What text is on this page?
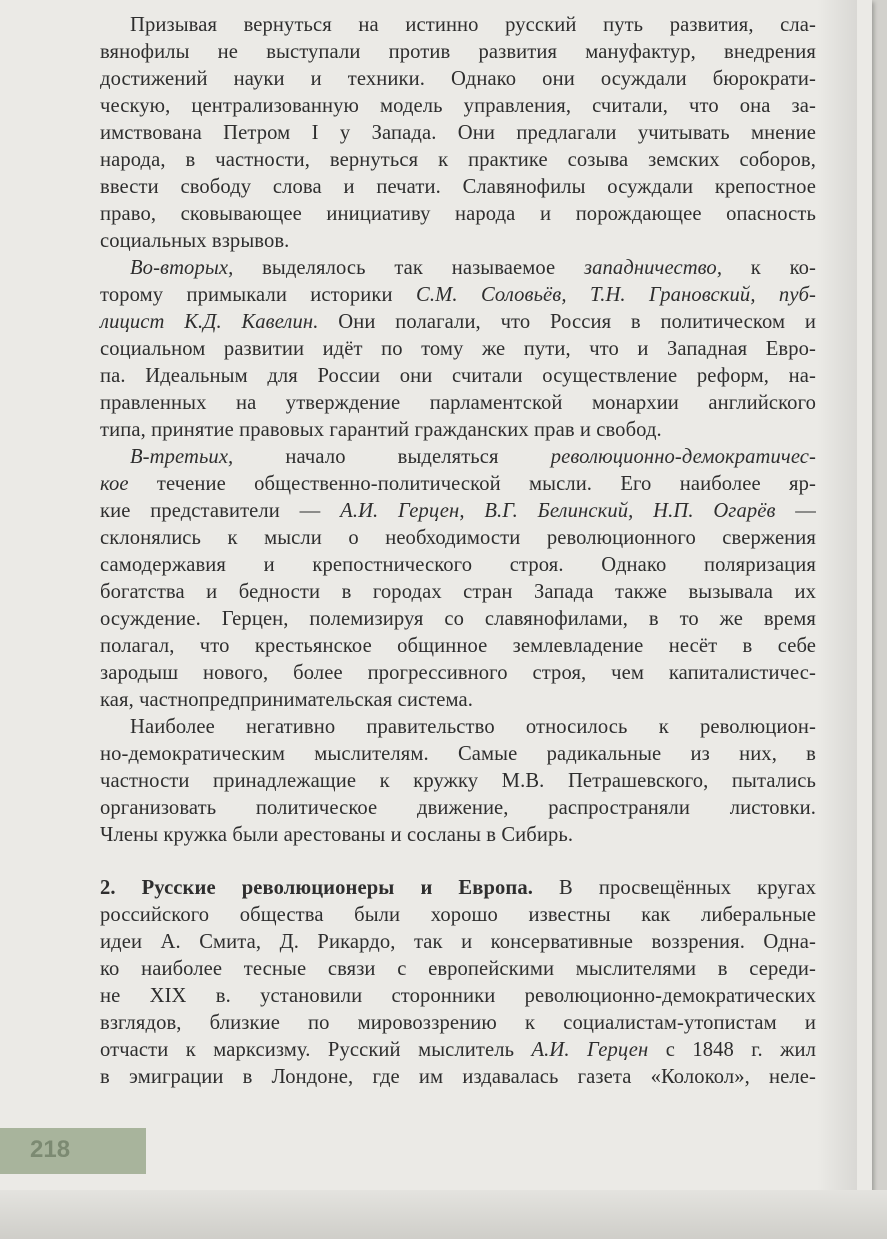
Призывая вернуться на истинно русский путь развития, сла-
вянофилы не выступали против развития мануфактур, внедрения
достижений науки и техники. Однако они осуждали бюрократи-
ческую, централизованную модель управления, считали, что она за-
имствована Петром I у Запада. Они предлагали учитывать мнение
народа, в частности, вернуться к практике созыва земских соборов,
ввести свободу слова и печати. Славянофилы осуждали крепостное
право, сковывающее инициативу народа и порождающее опасность
социальных взрывов.

Во-вторых, выделялось так называемое западничество, к ко-
торому примыкали историки С.М. Соловьёв, Т.Н. Грановский, пуб-
лицист К.Д. Кавелин. Они полагали, что Россия в политическом и
социальном развитии идёт по тому же пути, что и Западная Евро-
па. Идеальным для России они считали осуществление реформ, на-
правленных на утверждение парламентской монархии английского
типа, принятие правовых гарантий гражданских прав и свобод.

В-третьих, начало выделяться революционно-демократичес-
кое течение общественно-политической мысли. Его наиболее яр-
кие представители — А.И. Герцен, В.Г. Белинский, Н.П. Огарёв —
склонялись к мысли о необходимости революционного свержения
самодержавия и крепостнического строя. Однако поляризация
богатства и бедности в городах стран Запада также вызывала их
осуждение. Герцен, полемизируя со славянофилами, в то же время
полагал, что крестьянское общинное землевладение несёт в себе
зародыш нового, более прогрессивного строя, чем капиталистичес-
кая, частнопредпринимательская система.

Наиболее негативно правительство относилось к революцион-
но-демократическим мыслителям. Самые радикальные из них, в
частности принадлежащие к кружку М.В. Петрашевского, пытались
организовать политическое движение, распространяли листовки.
Члены кружка были арестованы и сосланы в Сибирь.

2. Русские революционеры и Европа. В просвещённых кругах
российского общества были хорошо известны как либеральные
идеи А. Смита, Д. Рикардо, так и консервативные воззрения. Одна-
ко наиболее тесные связи с европейскими мыслителями в середи-
не XIX в. установили сторонники революционно-демократических
взглядов, близкие по мировоззрению к социалистам-утопистам и
отчасти к марксизму. Русский мыслитель А.И. Герцен с 1848 г. жил
в эмиграции в Лондоне, где им издавалась газета «Колокол», неле-

218
